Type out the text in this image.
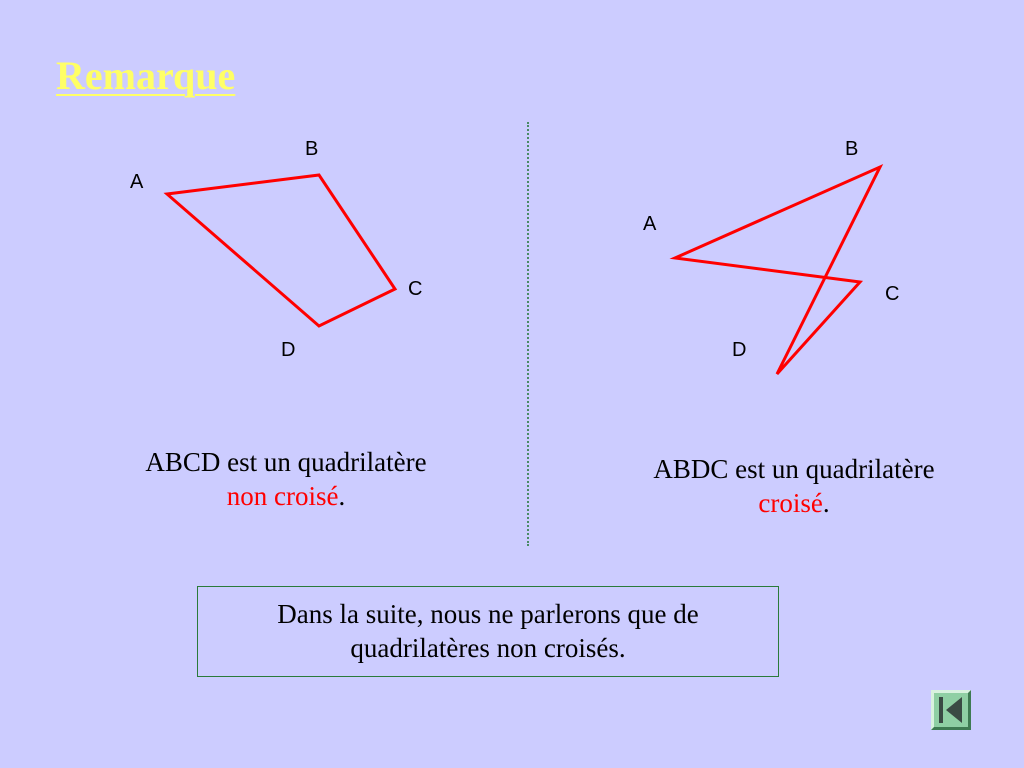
Remarque
A
B
C
D
A
B
C
D
ABCD est un quadrilatère
non croisé.
ABDC est un quadrilatère
croisé.
Dans la suite, nous ne parlerons que de
quadrilatères non croisés.
